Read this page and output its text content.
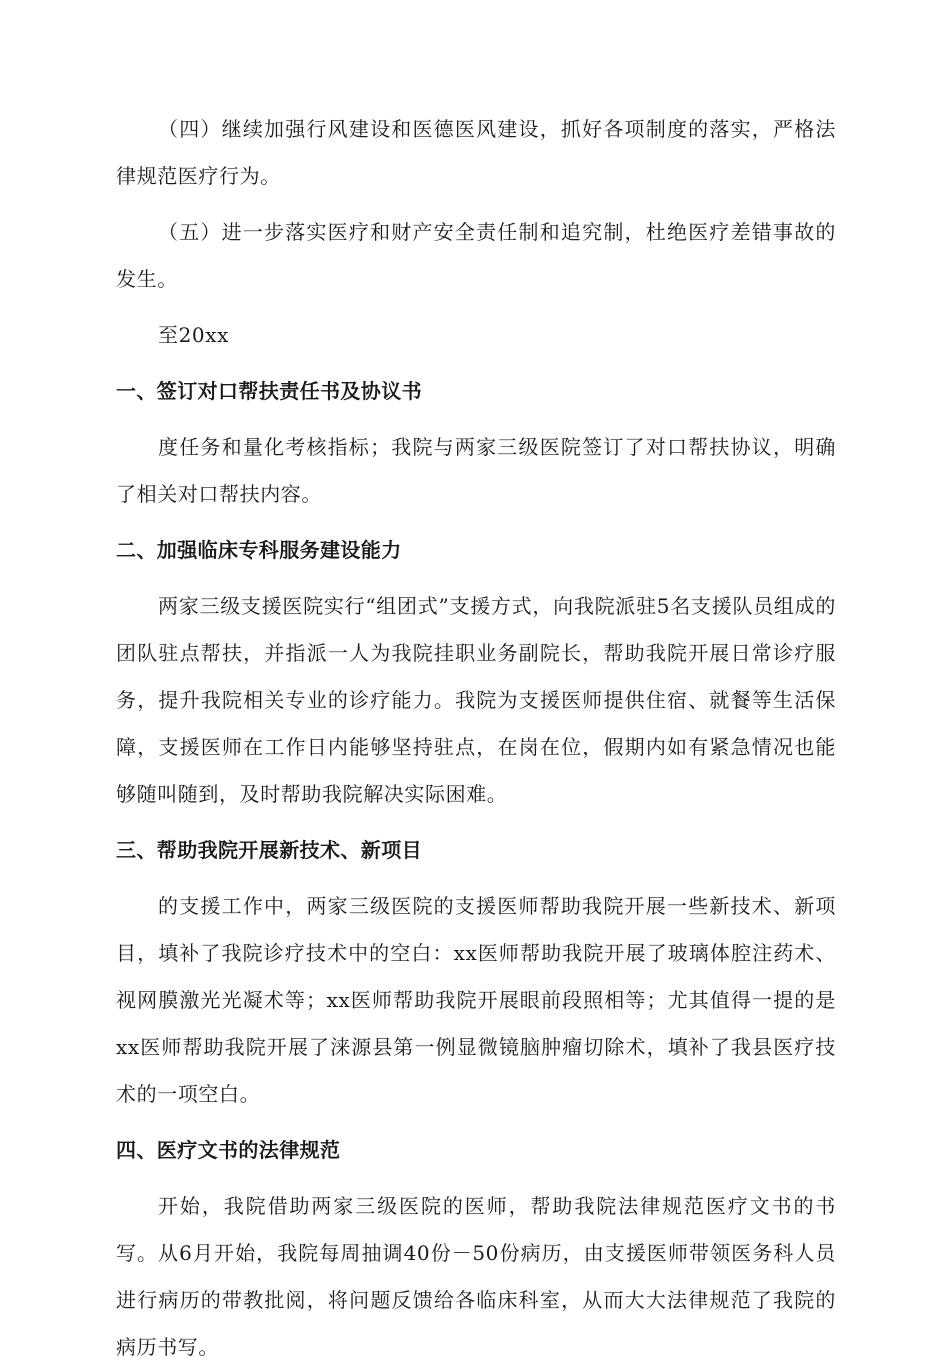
（四）继续加强行风建设和医德医风建设，抓好各项制度的落实，严格法律规范医疗行为。

（五）进一步落实医疗和财产安全责任制和追究制，杜绝医疗差错事故的发生。

至20xx

一、签订对口帮扶责任书及协议书

度任务和量化考核指标；我院与两家三级医院签订了对口帮扶协议，明确了相关对口帮扶内容。

二、加强临床专科服务建设能力

两家三级支援医院实行“组团式”支援方式，向我院派驻5名支援队员组成的团队驻点帮扶，并指派一人为我院挂职业务副院长，帮助我院开展日常诊疗服务，提升我院相关专业的诊疗能力。我院为支援医师提供住宿、就餐等生活保障，支援医师在工作日内能够坚持驻点，在岗在位，假期内如有紧急情况也能够随叫随到，及时帮助我院解决实际困难。

三、帮助我院开展新技术、新项目

的支援工作中，两家三级医院的支援医师帮助我院开展一些新技术、新项目，填补了我院诊疗技术中的空白：xx医师帮助我院开展了玻璃体腔注药术、视网膜激光光凝术等；xx医师帮助我院开展眼前段照相等；尤其值得一提的是xx医师帮助我院开展了涞源县第一例显微镜脑肿瘤切除术，填补了我县医疗技术的一项空白。

四、医疗文书的法律规范

开始，我院借助两家三级医院的医师，帮助我院法律规范医疗文书的书写。从6月开始，我院每周抽调40份－50份病历，由支援医师带领医务科人员进行病历的带教批阅，将问题反馈给各临床科室，从而大大法律规范了我院的病历书写。
